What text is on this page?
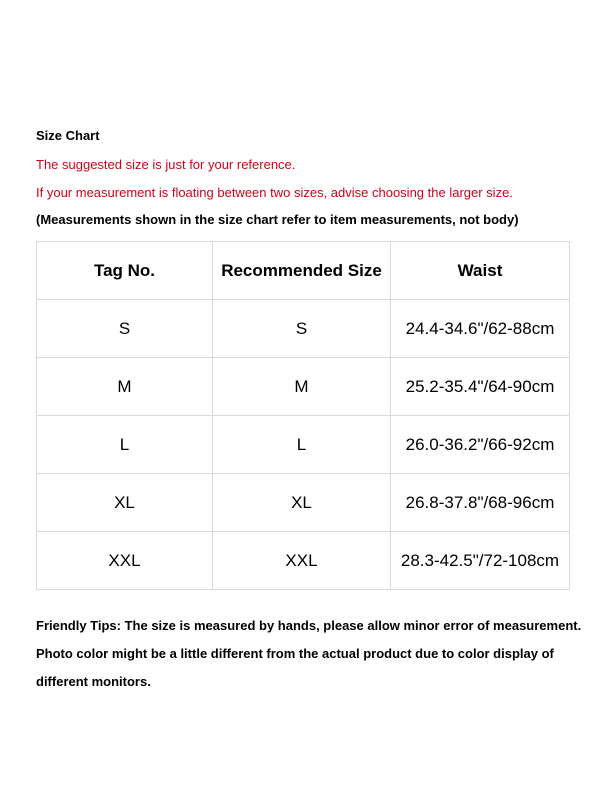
Size Chart
The suggested size is just for your reference.
If your measurement is floating between two sizes, advise choosing the larger size.
(Measurements shown in the size chart refer to item measurements, not body)
Tag No.	Recommended Size	Waist
S	S	24.4-34.6"/62-88cm
M	M	25.2-35.4"/64-90cm
L	L	26.0-36.2"/66-92cm
XL	XL	26.8-37.8"/68-96cm
XXL	XXL	28.3-42.5"/72-108cm
Friendly Tips: The size is measured by hands, please allow minor error of measurement.
Photo color might be a little different from the actual product due to color display of
different monitors.
